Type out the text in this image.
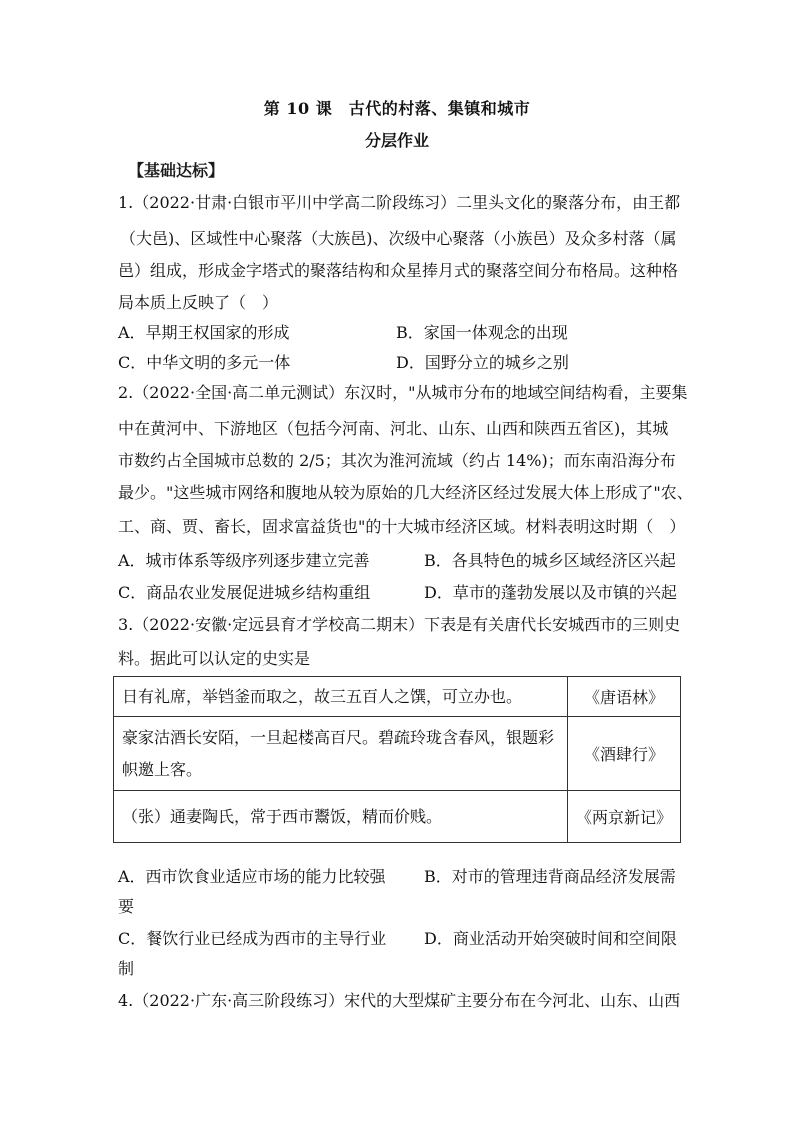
第 10 课　古代的村落、集镇和城市
分层作业
【基础达标】
1.（2022·甘肃·白银市平川中学高二阶段练习）二里头文化的聚落分布，由王都
（大邑)、区域性中心聚落（大族邑)、次级中心聚落（小族邑）及众多村落（属
邑）组成，形成金字塔式的聚落结构和众星捧月式的聚落空间分布格局。这种格
局本质上反映了（　）
A．早期王权国家的形成	B．家国一体观念的出现
C．中华文明的多元一体	D．国野分立的城乡之别
2.（2022·全国·高二单元测试）东汉时，"从城市分布的地域空间结构看，主要集
中在黄河中、下游地区（包括今河南、河北、山东、山西和陕西五省区)，其城
市数约占全国城市总数的 2/5；其次为淮河流域（约占 14%)；而东南沿海分布
最少。"这些城市网络和腹地从较为原始的几大经济区经过发展大体上形成了"农、
工、商、贾、畜长，固求富益货也"的十大城市经济区域。材料表明这时期（　）
A．城市体系等级序列逐步建立完善	B．各具特色的城乡区域经济区兴起
C．商品农业发展促进城乡结构重组	D．草市的蓬勃发展以及市镇的兴起
3.（2022·安徽·定远县育才学校高二期末）下表是有关唐代长安城西市的三则史
料。据此可以认定的史实是
日有礼席，举铛釜而取之，故三五百人之馔，可立办也。	《唐语林》
豪家沽酒长安陌，一旦起楼高百尺。碧疏玲珑含春风，银题彩帜邀上客。	《酒肆行》
（张）通妻陶氏，常于西市鬻饭，精而价贱。	《两京新记》
A．西市饮食业适应市场的能力比较强 B．对市的管理违背商品经济发展需
要
C．餐饮行业已经成为西市的主导行业 D．商业活动开始突破时间和空间限
制
4.（2022·广东·高三阶段练习）宋代的大型煤矿主要分布在今河北、山东、山西
